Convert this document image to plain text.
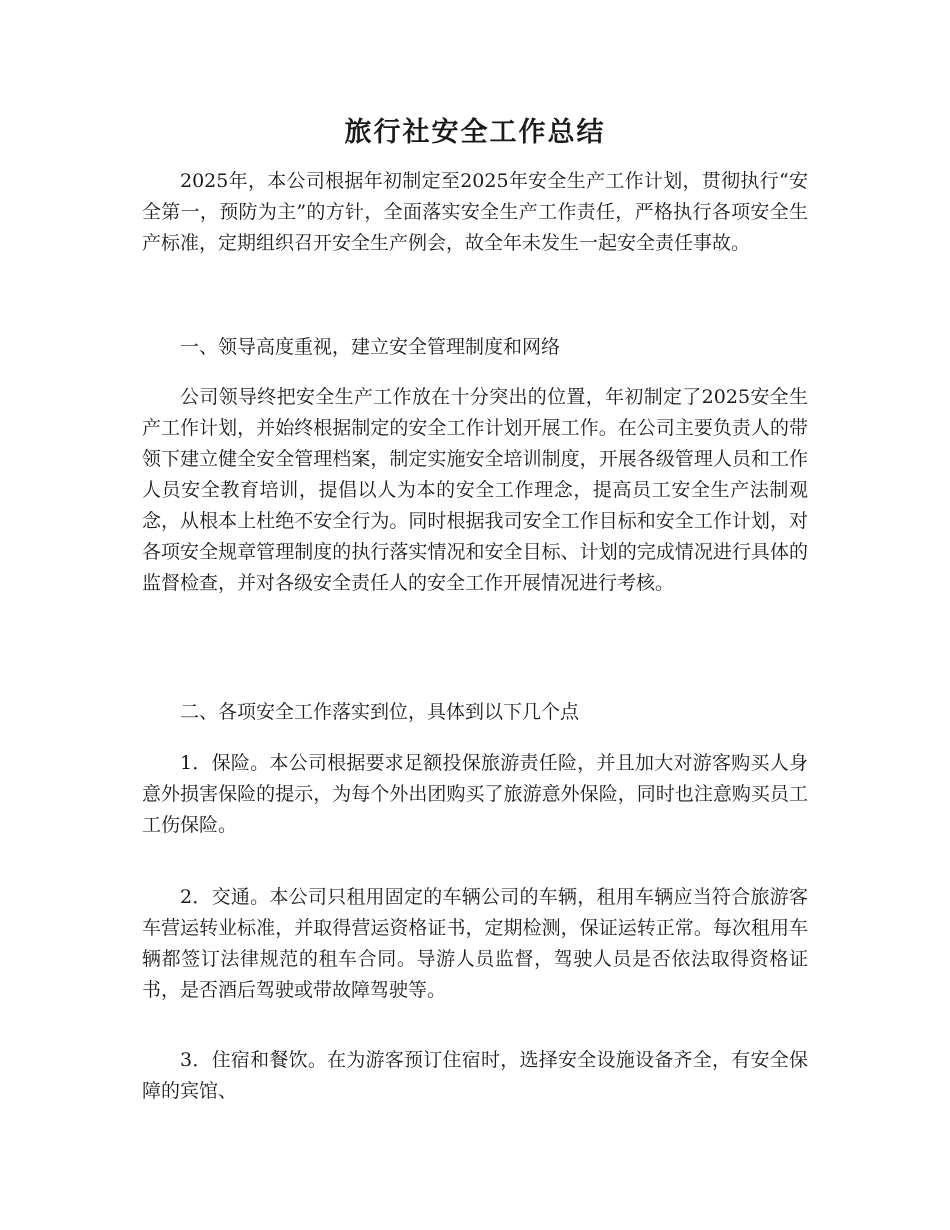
旅行社安全工作总结

2025年，本公司根据年初制定至2025年安全生产工作计划，贯彻执行“安全第一，预防为主”的方针，全面落实安全生产工作责任，严格执行各项安全生产标准，定期组织召开安全生产例会，故全年未发生一起安全责任事故。

一、领导高度重视，建立安全管理制度和网络

公司领导终把安全生产工作放在十分突出的位置，年初制定了2025安全生产工作计划，并始终根据制定的安全工作计划开展工作。在公司主要负责人的带领下建立健全安全管理档案，制定实施安全培训制度，开展各级管理人员和工作人员安全教育培训，提倡以人为本的安全工作理念，提高员工安全生产法制观念，从根本上杜绝不安全行为。同时根据我司安全工作目标和安全工作计划，对各项安全规章管理制度的执行落实情况和安全目标、计划的完成情况进行具体的监督检查，并对各级安全责任人的安全工作开展情况进行考核。

二、各项安全工作落实到位，具体到以下几个点

1．保险。本公司根据要求足额投保旅游责任险，并且加大对游客购买人身意外损害保险的提示，为每个外出团购买了旅游意外保险，同时也注意购买员工工伤保险。

2．交通。本公司只租用固定的车辆公司的车辆，租用车辆应当符合旅游客车营运转业标准，并取得营运资格证书，定期检测，保证运转正常。每次租用车辆都签订法律规范的租车合同。导游人员监督，驾驶人员是否依法取得资格证书，是否酒后驾驶或带故障驾驶等。

3．住宿和餐饮。在为游客预订住宿时，选择安全设施设备齐全，有安全保障的宾馆、
